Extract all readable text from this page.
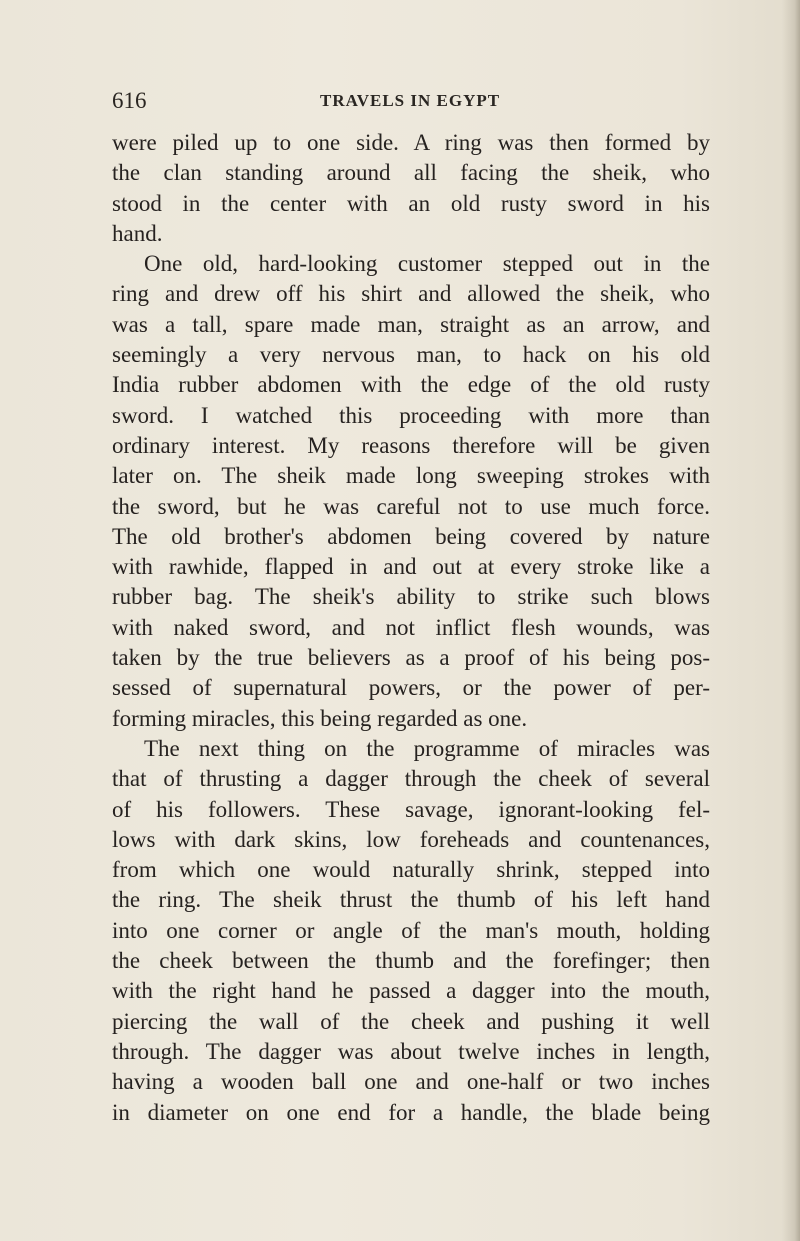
616	TRAVELS IN EGYPT

were piled up to one side. A ring was then formed by

the clan standing around all facing the sheik, who

stood in the center with an old rusty sword in his

hand.

One old, hard-looking customer stepped out in the

ring and drew off his shirt and allowed the sheik, who

was a tall, spare made man, straight as an arrow, and

seemingly a very nervous man, to hack on his old

India rubber abdomen with the edge of the old rusty

sword. I watched this proceeding with more than

ordinary interest. My reasons therefore will be given

later on. The sheik made long sweeping strokes with

the sword, but he was careful not to use much force.

The old brother's abdomen being covered by nature

with rawhide, flapped in and out at every stroke like a

rubber bag. The sheik's ability to strike such blows

with naked sword, and not inflict flesh wounds, was

taken by the true believers as a proof of his being pos-

sessed of supernatural powers, or the power of per-

forming miracles, this being regarded as one.

The next thing on the programme of miracles was

that of thrusting a dagger through the cheek of several

of his followers. These savage, ignorant-looking fel-

lows with dark skins, low foreheads and countenances,

from which one would naturally shrink, stepped into

the ring. The sheik thrust the thumb of his left hand

into one corner or angle of the man's mouth, holding

the cheek between the thumb and the forefinger; then

with the right hand he passed a dagger into the mouth,

piercing the wall of the cheek and pushing it well

through. The dagger was about twelve inches in length,

having a wooden ball one and one-half or two inches

in diameter on one end for a handle, the blade being
